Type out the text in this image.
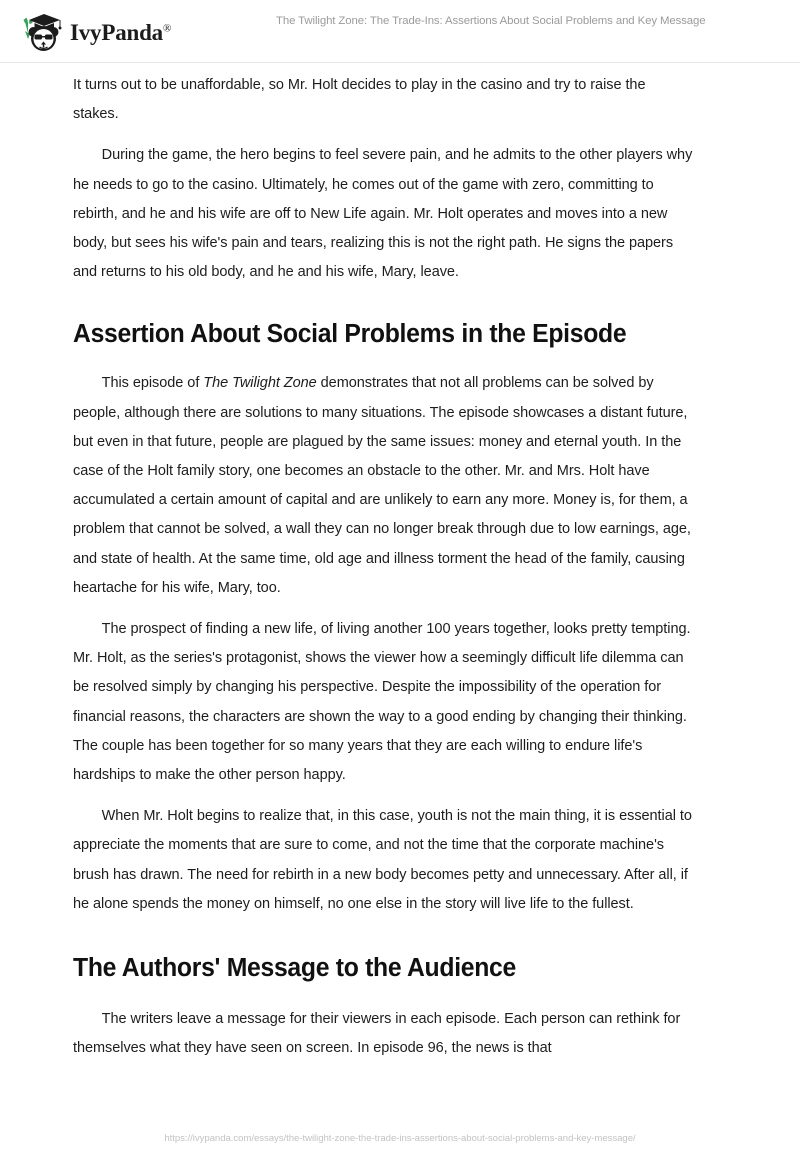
IvyPanda®
The Twilight Zone: The Trade-Ins: Assertions About Social Problems and Key Message

It turns out to be unaffordable, so Mr. Holt decides to play in the casino and try to raise the stakes.

During the game, the hero begins to feel severe pain, and he admits to the other players why he needs to go to the casino. Ultimately, he comes out of the game with zero, committing to rebirth, and he and his wife are off to New Life again. Mr. Holt operates and moves into a new body, but sees his wife's pain and tears, realizing this is not the right path. He signs the papers and returns to his old body, and he and his wife, Mary, leave.

Assertion About Social Problems in the Episode

This episode of The Twilight Zone demonstrates that not all problems can be solved by people, although there are solutions to many situations. The episode showcases a distant future, but even in that future, people are plagued by the same issues: money and eternal youth. In the case of the Holt family story, one becomes an obstacle to the other. Mr. and Mrs. Holt have accumulated a certain amount of capital and are unlikely to earn any more. Money is, for them, a problem that cannot be solved, a wall they can no longer break through due to low earnings, age, and state of health. At the same time, old age and illness torment the head of the family, causing heartache for his wife, Mary, too.

The prospect of finding a new life, of living another 100 years together, looks pretty tempting. Mr. Holt, as the series's protagonist, shows the viewer how a seemingly difficult life dilemma can be resolved simply by changing his perspective. Despite the impossibility of the operation for financial reasons, the characters are shown the way to a good ending by changing their thinking. The couple has been together for so many years that they are each willing to endure life's hardships to make the other person happy.

When Mr. Holt begins to realize that, in this case, youth is not the main thing, it is essential to appreciate the moments that are sure to come, and not the time that the corporate machine's brush has drawn. The need for rebirth in a new body becomes petty and unnecessary. After all, if he alone spends the money on himself, no one else in the story will live life to the fullest.

The Authors' Message to the Audience

The writers leave a message for their viewers in each episode. Each person can rethink for themselves what they have seen on screen. In episode 96, the news is that

https://ivypanda.com/essays/the-twilight-zone-the-trade-ins-assertions-about-social-problems-and-key-message/
